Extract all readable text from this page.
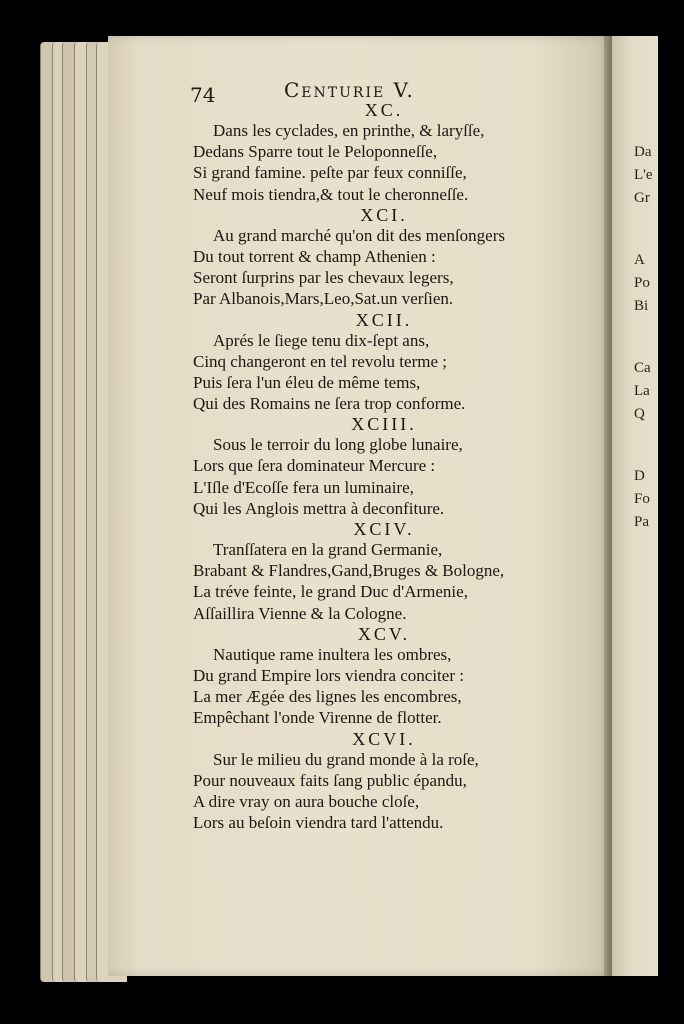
Da
L'e
Gr
A
Po
Bi
Ca
La
Q
D
Fo
Pa
74	Centurie V.
XC.
Dans les cyclades, en printhe, & laryſſe,
Dedans Sparre tout le Peloponneſſe,
Si grand famine. peſte par feux conniſſe,
Neuf mois tiendra,& tout le cheronneſſe.
XCI.
Au grand marché qu'on dit des menſongers
Du tout torrent & champ Athenien :
Seront ſurprins par les chevaux legers,
Par Albanois,Mars,Leo,Sat.un verſien.
XCII.
Aprés le ſiege tenu dix-ſept ans,
Cinq changeront en tel revolu terme ;
Puis ſera l'un éleu de même tems,
Qui des Romains ne ſera trop conforme.
XCIII.
Sous le terroir du long globe lunaire,
Lors que ſera dominateur Mercure :
L'Iſle d'Ecoſſe fera un luminaire,
Qui les Anglois mettra à deconfiture.
XCIV.
Tranſſatera en la grand Germanie,
Brabant & Flandres,Gand,Bruges & Bologne,
La tréve feinte, le grand Duc d'Armenie,
Aſſaillira Vienne & la Cologne.
XCV.
Nautique rame inultera les ombres,
Du grand Empire lors viendra conciter :
La mer Ægée des lignes les encombres,
Empêchant l'onde Virenne de flotter.
XCVI.
Sur le milieu du grand monde à la roſe,
Pour nouveaux faits ſang public épandu,
A dire vray on aura bouche cloſe,
Lors au beſoin viendra tard l'attendu.
